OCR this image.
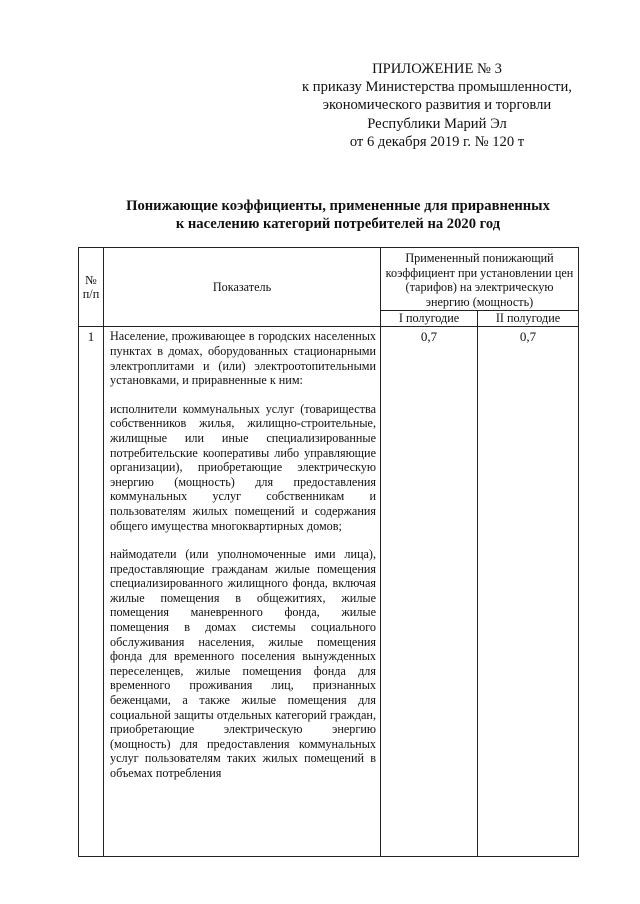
ПРИЛОЖЕНИЕ № 3
к приказу Министерства промышленности,
экономического развития и торговли
Республики Марий Эл
от 6 декабря 2019 г. № 120 т
Понижающие коэффициенты, примененные для приравненных
к населению категорий потребителей на 2020 год
№ п/п	Показатель	Примененный понижающий коэффициент при установлении цен (тарифов) на электрическую энергию (мощность)	
		I полугодие	II полугодие
1	Население, проживающее в городских населенных пунктах в домах, оборудованных стационарными электроплитами и (или) электроотопительными установками, и приравненные к ним:
исполнители коммунальных услуг (товарищества собственников жилья, жилищно-строительные, жилищные или иные специализированные потребительские кооперативы либо управляющие организации), приобретающие электрическую энергию (мощность) для предоставления коммунальных услуг собственникам и пользователям жилых помещений и содержания общего имущества многоквартирных домов;
наймодатели (или уполномоченные ими лица), предоставляющие гражданам жилые помещения специализированного жилищного фонда, включая жилые помещения в общежитиях, жилые помещения маневренного фонда, жилые помещения в домах системы социального обслуживания населения, жилые помещения фонда для временного поселения вынужденных переселенцев, жилые помещения фонда для временного проживания лиц, признанных беженцами, а также жилые помещения для социальной защиты отдельных категорий граждан, приобретающие электрическую энергию (мощность) для предоставления коммунальных услуг пользователям таких жилых помещений в объемах потребления	0,7	0,7
